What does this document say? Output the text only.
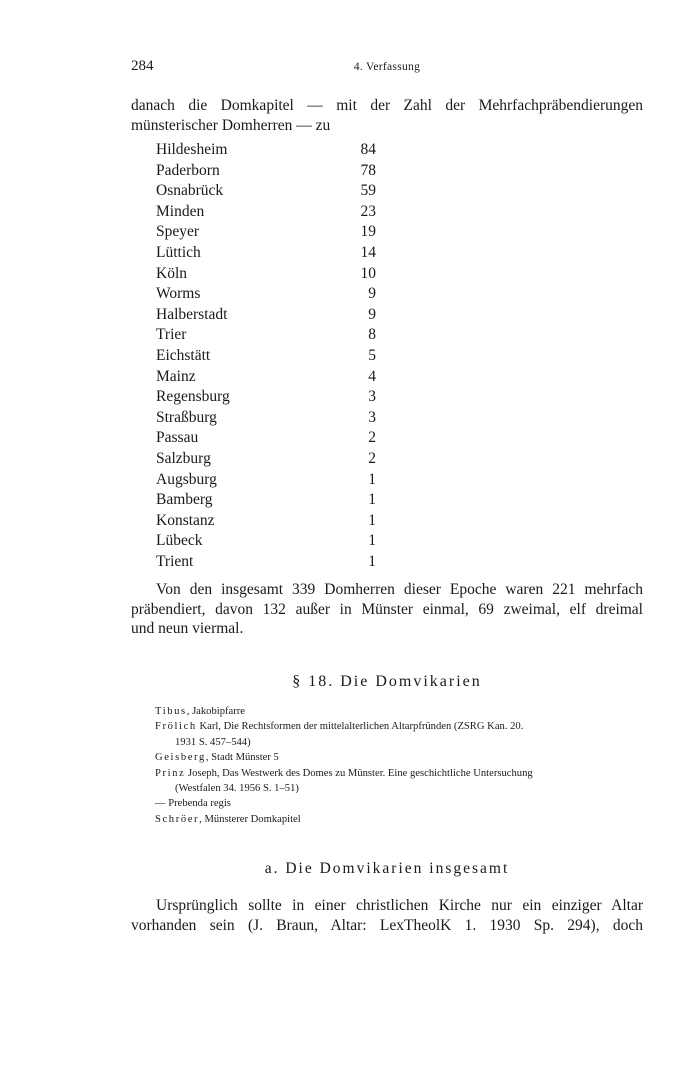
284	4. Verfassung

danach die Domkapitel — mit der Zahl der Mehrfachpräbendierungen

münsterischer Domherren — zu

Hildesheim	84
Paderborn	78
Osnabrück	59
Minden	23
Speyer	19
Lüttich	14
Köln	10
Worms	9
Halberstadt	9
Trier	8
Eichstätt	5
Mainz	4
Regensburg	3
Straßburg	3
Passau	2
Salzburg	2
Augsburg	1
Bamberg	1
Konstanz	1
Lübeck	1
Trient	1

Von den insgesamt 339 Domherren dieser Epoche waren 221 mehrfach

präbendiert, davon 132 außer in Münster einmal, 69 zweimal, elf dreimal

und neun viermal.

§ 18. Die Domvikarien

Tibus, Jakobipfarre

Frölich Karl, Die Rechtsformen der mittelalterlichen Altarpfründen (ZSRG Kan. 20.
1931 S. 457–544)

Geisberg, Stadt Münster 5

Prinz Joseph, Das Westwerk des Domes zu Münster. Eine geschichtliche Untersuchung
(Westfalen 34. 1956 S. 1–51)

— Prebenda regis

Schröer, Münsterer Domkapitel

a. Die Domvikarien insgesamt

Ursprünglich sollte in einer christlichen Kirche nur ein einziger Altar

vorhanden sein (J. Braun, Altar: LexTheolK 1. 1930 Sp. 294), doch
